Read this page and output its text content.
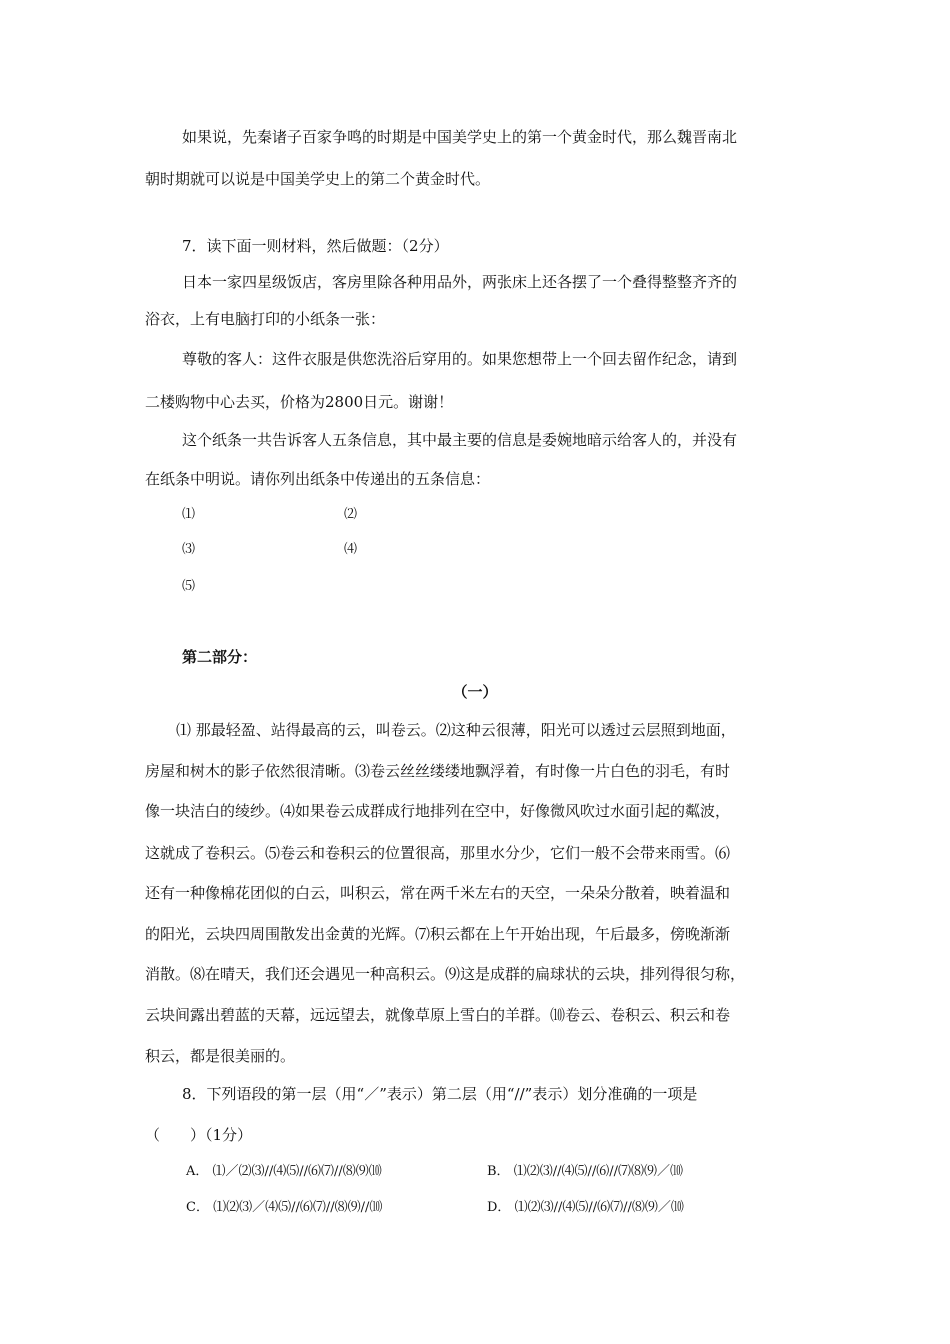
如果说，先秦诸子百家争鸣的时期是中国美学史上的第一个黄金时代，那么魏晋南北
朝时期就可以说是中国美学史上的第二个黄金时代。
7．读下面一则材料，然后做题：（2分）
日本一家四星级饭店，客房里除各种用品外，两张床上还各摆了一个叠得整整齐齐的
浴衣，上有电脑打印的小纸条一张：
尊敬的客人：这件衣服是供您洗浴后穿用的。如果您想带上一个回去留作纪念，请到
二楼购物中心去买，价格为2800日元。谢谢！
这个纸条一共告诉客人五条信息，其中最主要的信息是委婉地暗示给客人的，并没有
在纸条中明说。请你列出纸条中传递出的五条信息：
⑴	⑵
⑶	⑷
⑸
第二部分：
（一）
⑴ 那最轻盈、站得最高的云，叫卷云。⑵这种云很薄，阳光可以透过云层照到地面，
房屋和树木的影子依然很清晰。⑶卷云丝丝缕缕地飘浮着，有时像一片白色的羽毛，有时
像一块洁白的绫纱。⑷如果卷云成群成行地排列在空中，好像微风吹过水面引起的粼波，
这就成了卷积云。⑸卷云和卷积云的位置很高，那里水分少，它们一般不会带来雨雪。⑹
还有一种像棉花团似的白云，叫积云，常在两千米左右的天空，一朵朵分散着，映着温和
的阳光，云块四周围散发出金黄的光辉。⑺积云都在上午开始出现，午后最多，傍晚渐渐
消散。⑻在晴天，我们还会遇见一种高积云。⑼这是成群的扁球状的云块，排列得很匀称，
云块间露出碧蓝的天幕，远远望去，就像草原上雪白的羊群。⑽卷云、卷积云、积云和卷
积云，都是很美丽的。
8．下列语段的第一层（用“／”表示）第二层（用“//”表示）划分准确的一项是
（　　）（1分）
A． ⑴／⑵⑶//⑷⑸//⑹⑺//⑻⑼⑽	B． ⑴⑵⑶//⑷⑸//⑹//⑺⑻⑼／⑽
C． ⑴⑵⑶／⑷⑸//⑹⑺//⑻⑼//⑽	D． ⑴⑵⑶//⑷⑸//⑹⑺//⑻⑼／⑽
